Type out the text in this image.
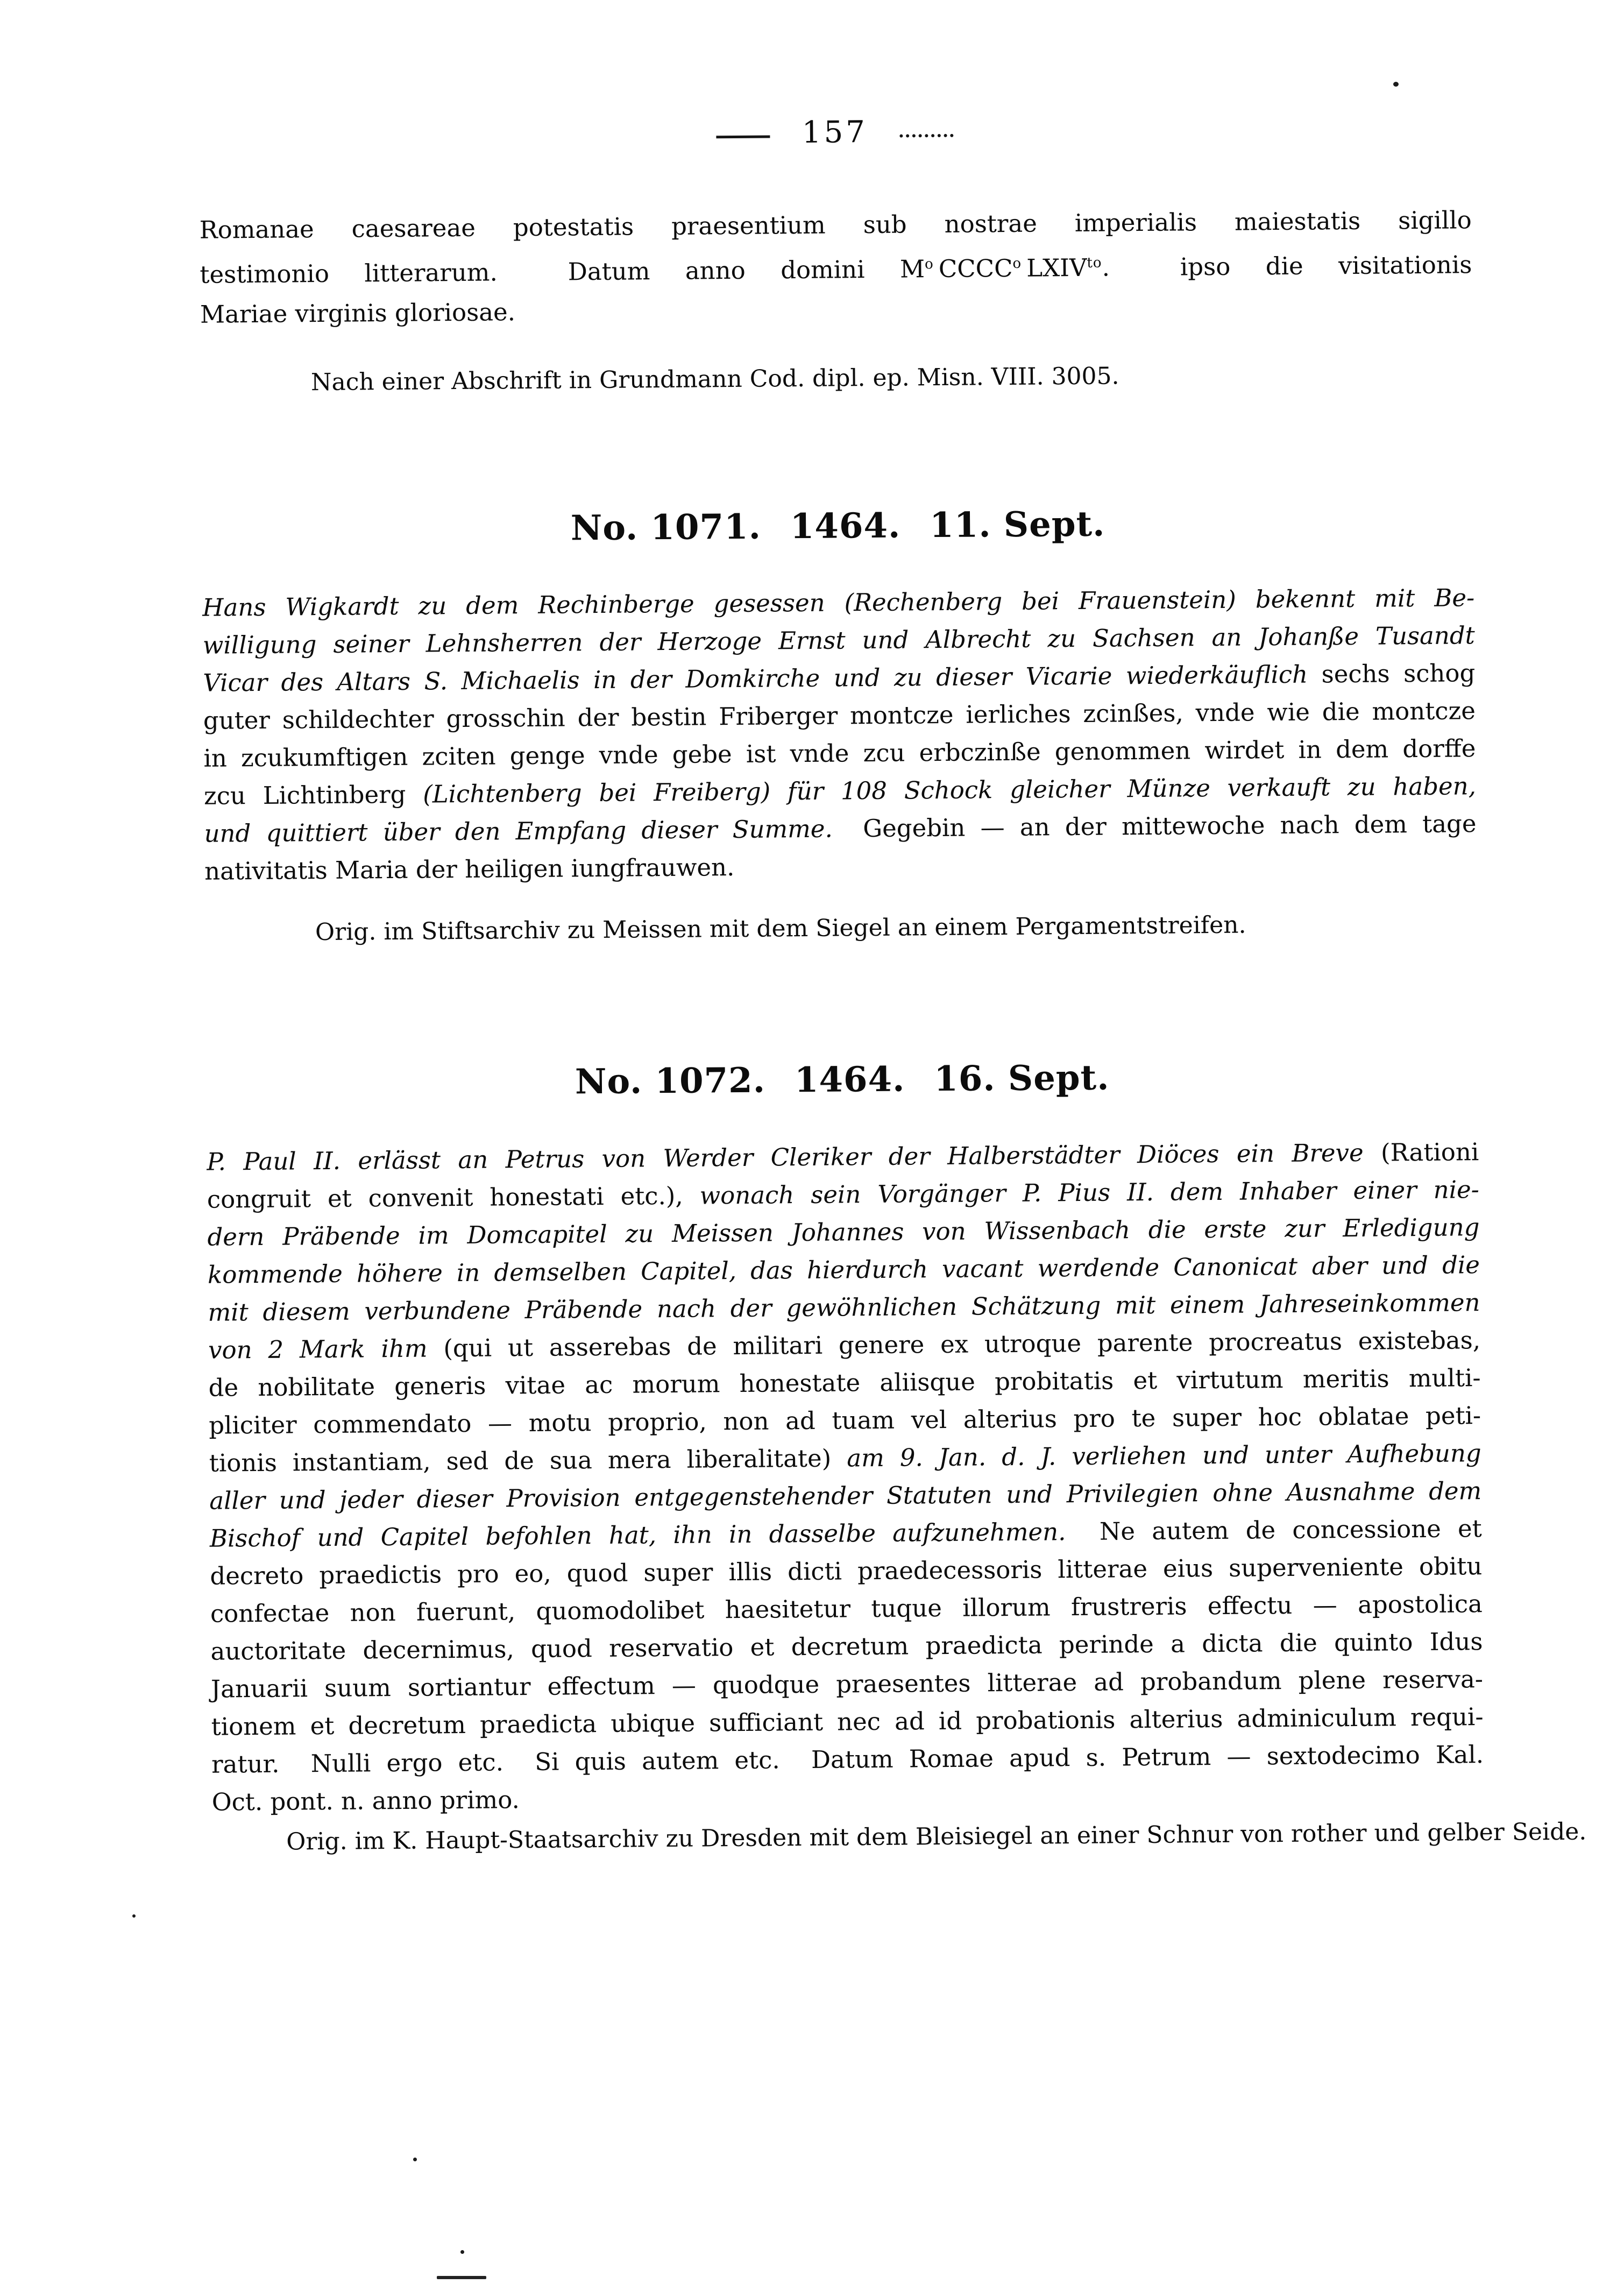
157
Romanae caesareae potestatis praesentium sub nostrae imperialis maiestatis sigillo
testimonio litterarum.  Datum anno domini $M^o$ CCCC$^o$ $LXIV^{to}$.  ipso die visitationis
Mariae virginis gloriosae.
Nach einer Abschrift in Grundmann Cod. dipl. ep. Misn. VIII. 3005.
No. 1071. 1464. 11. Sept.
Hans Wigkardt zu dem Rechinberge gesessen (Rechenberg bei Frauenstein) bekennt mit Be-
willigung seiner Lehnsherren der Herzoge Ernst und Albrecht zu Sachsen an Johanße Tusandt
Vicar des Altars S. Michaelis in der Domkirche und zu dieser Vicarie wiederkäuflich sechs schog
guter schildechter grosschin der bestin Friberger montcze ierliches zcinßes, vnde wie die montcze
in zcukumftigen zciten genge vnde gebe ist vnde zcu erbczinße genommen wirdet in dem dorffe
zcu Lichtinberg (Lichtenberg bei Freiberg) für 108 Schock gleicher Münze verkauft zu haben,
und quittiert über den Empfang dieser Summe.  Gegebin — an der mittewoche nach dem tage
nativitatis Maria der heiligen iungfrauwen.
Orig. im Stiftsarchiv zu Meissen mit dem Siegel an einem Pergamentstreifen.
No. 1072. 1464. 16. Sept.
P. Paul II. erlässt an Petrus von Werder Cleriker der Halberstädter Diöces ein Breve (Rationi
congruit et convenit honestati etc.), wonach sein Vorgänger P. Pius II. dem Inhaber einer nie-
dern Präbende im Domcapitel zu Meissen Johannes von Wissenbach die erste zur Erledigung
kommende höhere in demselben Capitel, das hierdurch vacant werdende Canonicat aber und die
mit diesem verbundene Präbende nach der gewöhnlichen Schätzung mit einem Jahreseinkommen
von 2 Mark ihm (qui ut asserebas de militari genere ex utroque parente procreatus existebas,
de nobilitate generis vitae ac morum honestate aliisque probitatis et virtutum meritis multi-
pliciter commendato — motu proprio, non ad tuam vel alterius pro te super hoc oblatae peti-
tionis instantiam, sed de sua mera liberalitate) am 9. Jan. d. J. verliehen und unter Aufhebung
aller und jeder dieser Provision entgegenstehender Statuten und Privilegien ohne Ausnahme dem
Bischof und Capitel befohlen hat, ihn in dasselbe aufzunehmen.  Ne autem de concessione et
decreto praedictis pro eo, quod super illis dicti praedecessoris litterae eius superveniente obitu
confectae non fuerunt, quomodolibet haesitetur tuque illorum frustreris effectu — apostolica
auctoritate decernimus, quod reservatio et decretum praedicta perinde a dicta die quinto Idus
Januarii suum sortiantur effectum — quodque praesentes litterae ad probandum plene reserva-
tionem et decretum praedicta ubique sufficiant nec ad id probationis alterius adminiculum requi-
ratur.  Nulli ergo etc.  Si quis autem etc.  Datum Romae apud s. Petrum — sextodecimo Kal.
Oct. pont. n. anno primo.
Orig. im K. Haupt-Staatsarchiv zu Dresden mit dem Bleisiegel an einer Schnur von rother und gelber Seide.
